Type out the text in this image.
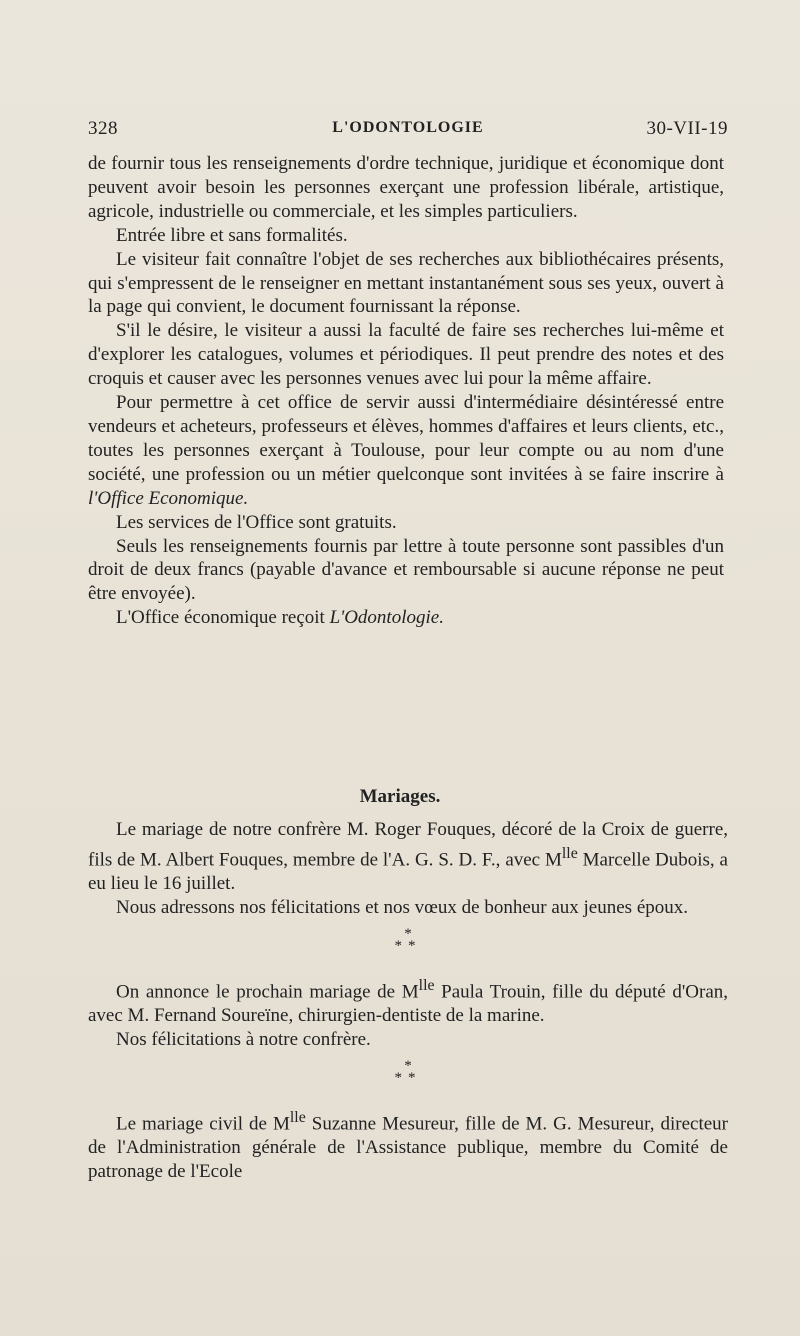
328	L'ODONTOLOGIE	30-VII-19

de fournir tous les renseignements d'ordre technique, juridique et économique dont peuvent avoir besoin les personnes exerçant une profession libérale, artistique, agricole, industrielle ou commerciale, et les simples particuliers.

Entrée libre et sans formalités.

Le visiteur fait connaître l'objet de ses recherches aux bibliothécaires présents, qui s'empressent de le renseigner en mettant instantanément sous ses yeux, ouvert à la page qui convient, le document fournissant la réponse.

S'il le désire, le visiteur a aussi la faculté de faire ses recherches lui-même et d'explorer les catalogues, volumes et périodiques. Il peut prendre des notes et des croquis et causer avec les personnes venues avec lui pour la même affaire.

Pour permettre à cet office de servir aussi d'intermédiaire désintéressé entre vendeurs et acheteurs, professeurs et élèves, hommes d'affaires et leurs clients, etc., toutes les personnes exerçant à Toulouse, pour leur compte ou au nom d'une société, une profession ou un métier quelconque sont invitées à se faire inscrire à l'Office Economique.

Les services de l'Office sont gratuits.

Seuls les renseignements fournis par lettre à toute personne sont passibles d'un droit de deux francs (payable d'avance et remboursable si aucune réponse ne peut être envoyée).

L'Office économique reçoit L'Odontologie.

Mariages.

Le mariage de notre confrère M. Roger Fouques, décoré de la Croix de guerre, fils de M. Albert Fouques, membre de l'A. G. S. D. F., avec $M^{lle}$ Marcelle Dubois, a eu lieu le 16 juillet.

Nous adressons nos félicitations et nos vœux de bonheur aux jeunes époux.

*
**

On annonce le prochain mariage de $M^{lle}$ Paula Trouin, fille du député d'Oran, avec M. Fernand Soureïne, chirurgien-dentiste de la marine.

Nos félicitations à notre confrère.

*
**

Le mariage civil de $M^{lle}$ Suzanne Mesureur, fille de M. G. Mesureur, directeur de l'Administration générale de l'Assistance publique, membre du Comité de patronage de l'Ecole
